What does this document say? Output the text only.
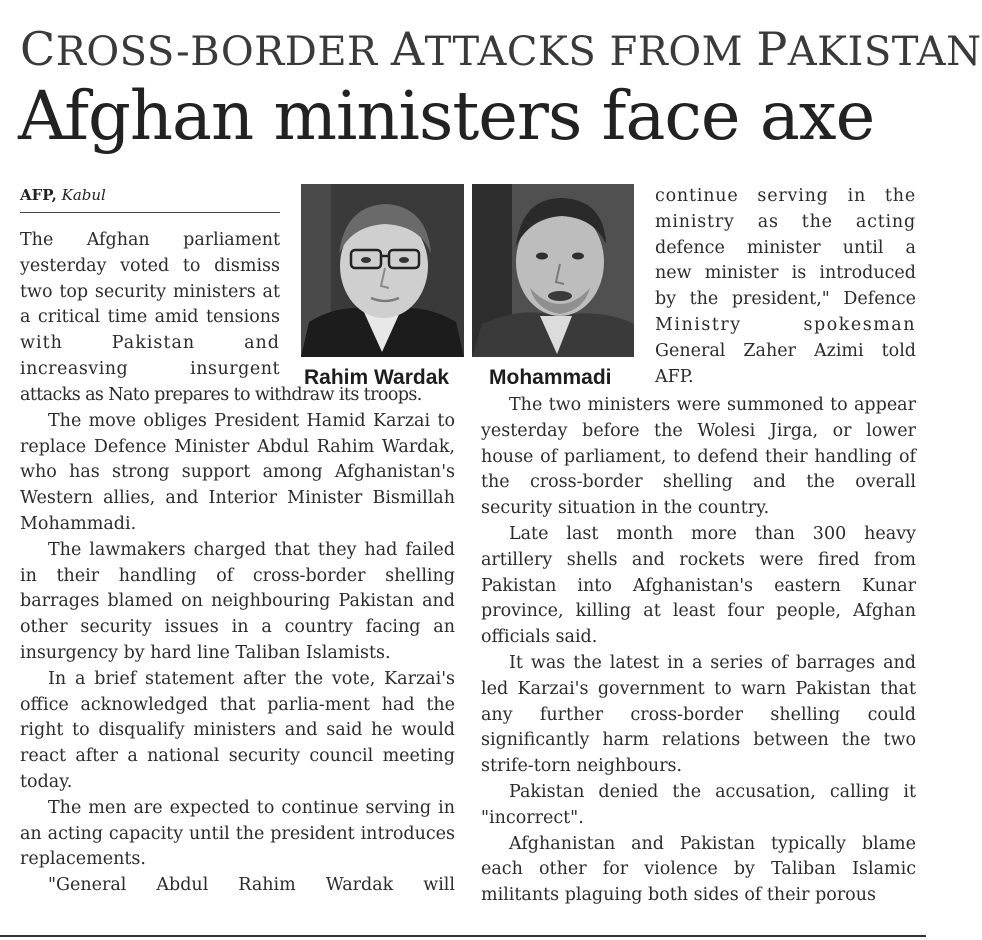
CROSS-BORDER ATTACKS FROM PAKISTAN
Afghan ministers face axe
AFP, Kabul
The Afghan parliament
yesterday voted to dismiss
two top security ministers at
a critical time amid tensions
with Pakistan and
increasving insurgent

attacks as Nato prepares to withdraw its troops.

The move obliges President Hamid Karzai to replace Defence Minister Abdul Rahim Wardak, who has strong support among Afghanistan's Western allies, and Interior Minister Bismillah Mohammadi.

The lawmakers charged that they had failed in their handling of cross-border shelling barrages blamed on neighbouring Pakistan and other security issues in a country facing an insurgency by hard line Taliban Islamists.

In a brief statement after the vote, Karzai's office acknowledged that parlia-ment had the right to disqualify ministers and said he would react after a national security council meeting today.

The men are expected to continue serving in an acting capacity until the president introduces replacements.

"General Abdul Rahim Wardak will

Rahim Wardak Mohammadi
continue serving in the
ministry as the acting
defence minister until a
new minister is introduced
by the president," Defence
Ministry spokesman
General Zaher Azimi told
AFP.

The two ministers were summoned to appear yesterday before the Wolesi Jirga, or lower house of parliament, to defend their handling of the cross-border shelling and the overall security situation in the country.

Late last month more than 300 heavy artillery shells and rockets were fired from Pakistan into Afghanistan's eastern Kunar province, killing at least four people, Afghan officials said.

It was the latest in a series of barrages and led Karzai's government to warn Pakistan that any further cross-border shelling could significantly harm relations between the two strife-torn neighbours.

Pakistan denied the accusation, calling it "incorrect".

Afghanistan and Pakistan typically blame each other for violence by Taliban Islamic militants plaguing both sides of their porous
